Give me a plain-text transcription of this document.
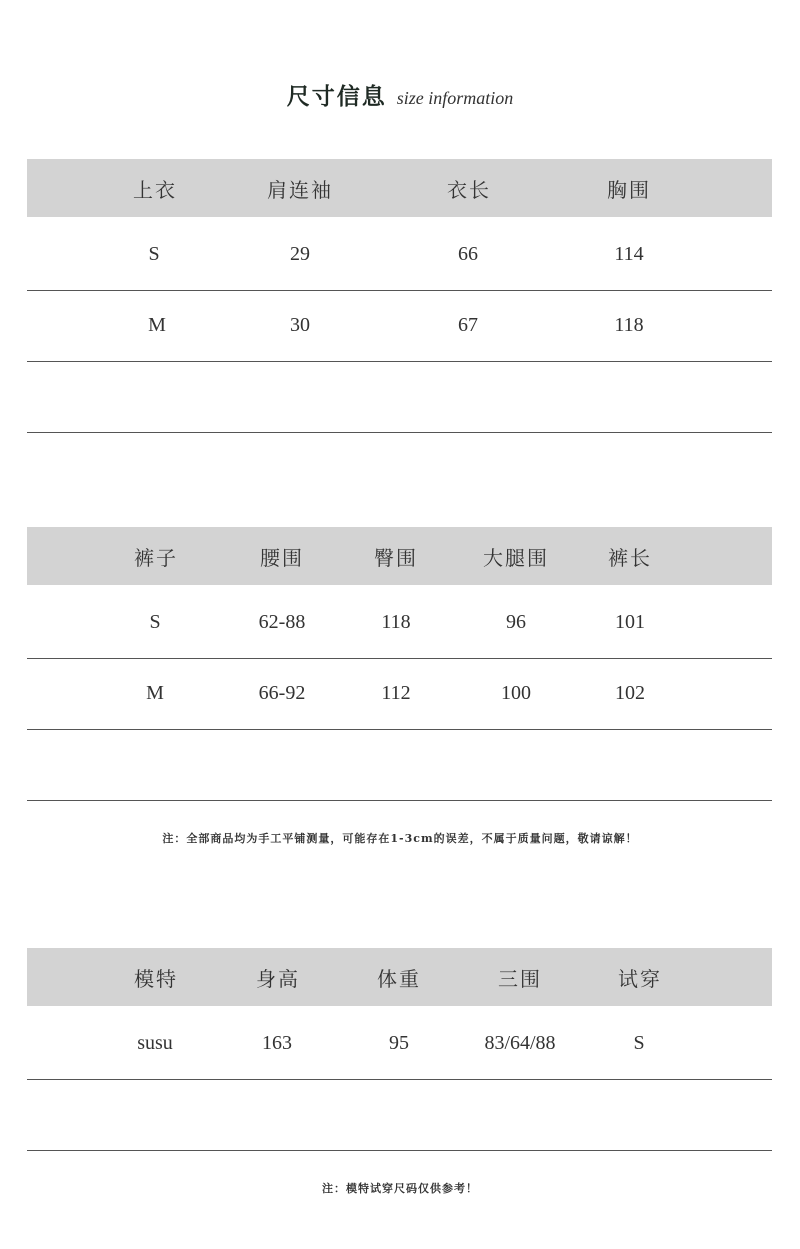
尺寸信息 size information
上衣	肩连袖	衣长	胸围
S	29	66	114
M	30	67	118
裤子	腰围	臀围	大腿围	裤长
S	62-88	118	96	101
M	66-92	112	100	102
注：全部商品均为手工平铺测量，可能存在1-3cm的误差，不属于质量问题，敬请谅解！
模特	身高	体重	三围	试穿
susu	163	95	83/64/88	S
注：模特试穿尺码仅供参考！
